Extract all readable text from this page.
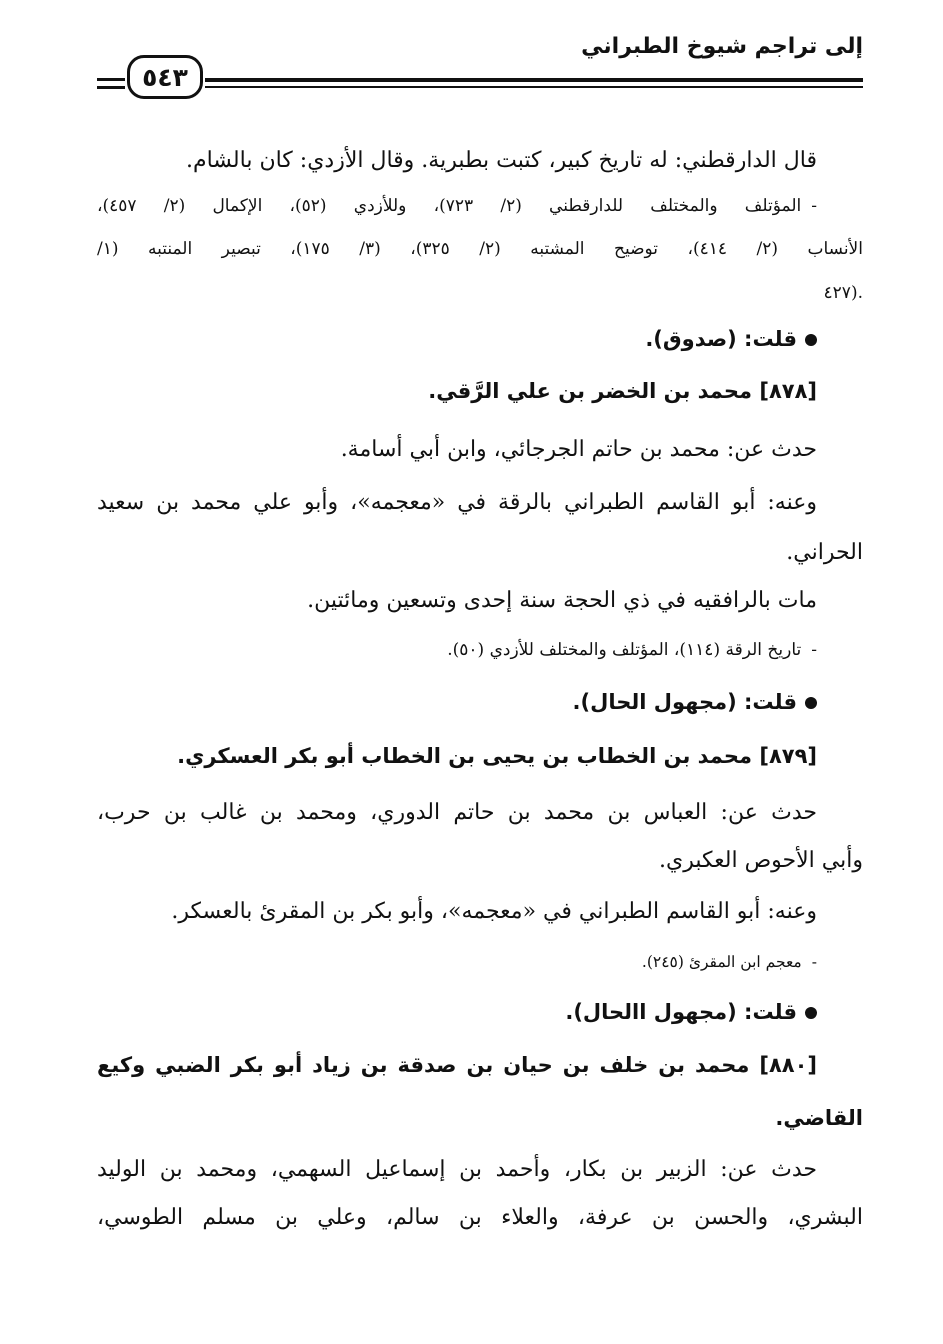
إلى تراجم شيوخ الطبراني
٥٤٣
قال الدارقطني: له تاريخ كبير، كتبت بطبرية. وقال الأزدي: كان بالشام.
-المؤتلف والمختلف للدارقطني (٢/ ٧٢٣)، وللأزدي (٥٢)، الإكمال (٢/ ٤٥٧)،
الأنساب (٢/ ٤١٤)، توضيح المشتبه (٢/ ٣٢٥)، (٣/ ١٧٥)، تبصير المنتبه (١/
٤٢٧).
قلت: (صدوق).
[٨٧٨] محمد بن الخضر بن علي الرَّقي.
حدث عن: محمد بن حاتم الجرجائي، وابن أبي أسامة.
وعنه: أبو القاسم الطبراني بالرقة في «معجمه»، وأبو علي محمد بن سعيد
الحراني.
مات بالرافقيه في ذي الحجة سنة إحدى وتسعين ومائتين.
-تاريخ الرقة (١١٤)، المؤتلف والمختلف للأزدي (٥٠).
قلت: (مجهول الحال).
[٨٧٩] محمد بن الخطاب بن يحيى بن الخطاب أبو بكر العسكري.
حدث عن: العباس بن محمد بن حاتم الدوري، ومحمد بن غالب بن حرب،
وأبي الأحوص العكبري.
وعنه: أبو القاسم الطبراني في «معجمه»، وأبو بكر بن المقرئ بالعسكر.
-معجم ابن المقرئ (٢٤٥).
قلت: (مجهول االحال).
[٨٨٠] محمد بن خلف بن حيان بن صدقة بن زياد أبو بكر الضبي وكيع
القاضي.
حدث عن: الزبير بن بكار، وأحمد بن إسماعيل السهمي، ومحمد بن الوليد
البشري، والحسن بن عرفة، والعلاء بن سالم، وعلي بن مسلم الطوسي،
